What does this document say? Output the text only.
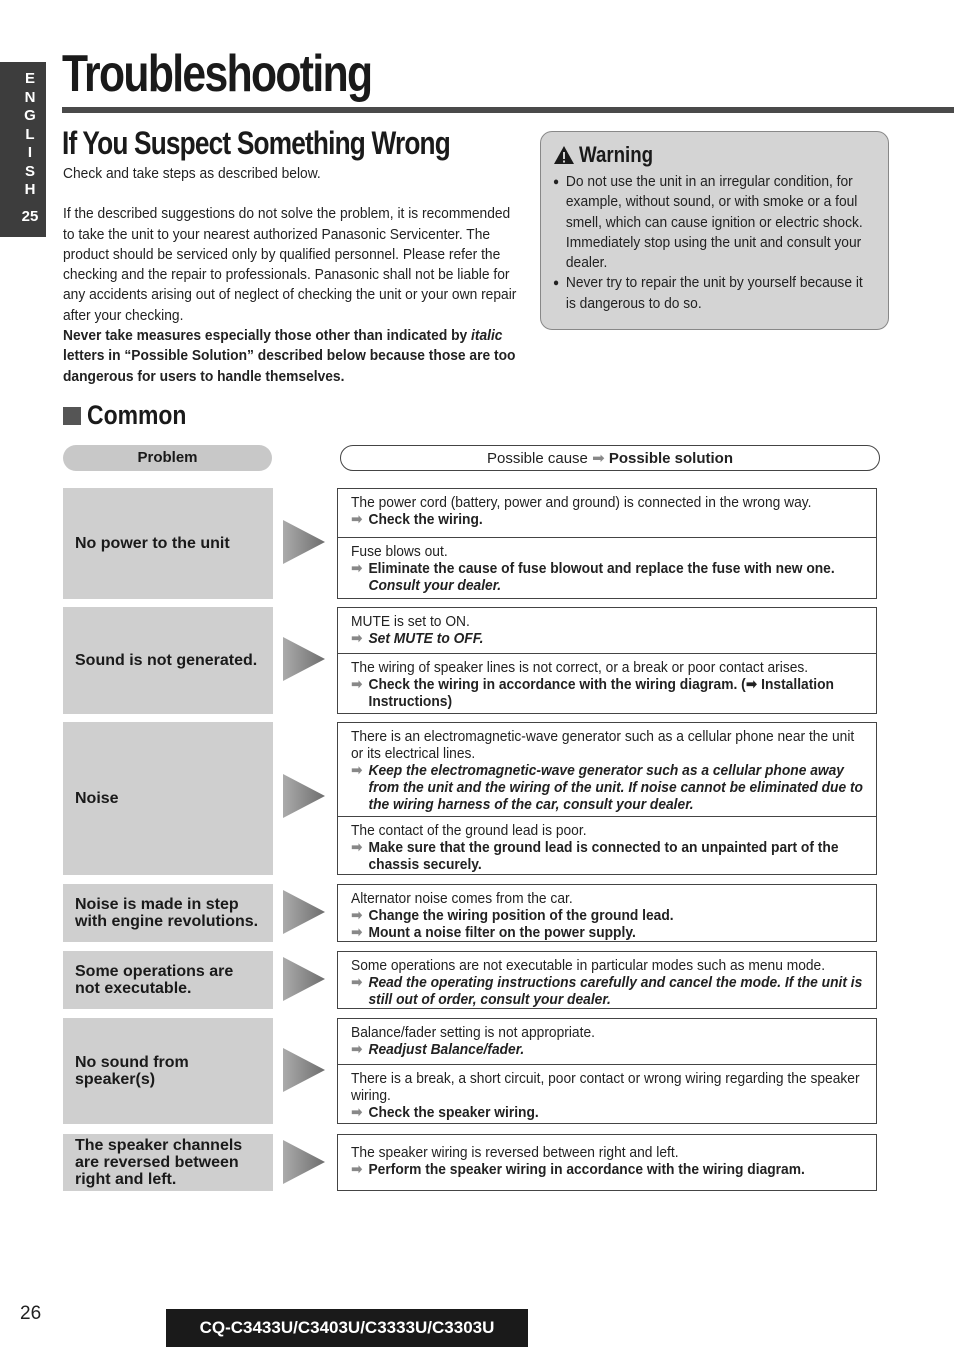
E
N
G
L
I
S
H
25
Troubleshooting
If You Suspect Something Wrong

Check and take steps as described below.

If the described suggestions do not solve the problem, it is recommended to take the unit to your nearest authorized Panasonic Servicenter. The product should be serviced only by qualified personnel. Please refer the checking and the repair to professionals. Panasonic shall not be liable for any accidents arising out of neglect of checking the unit or your own repair after your checking.

Never take measures especially those other than indicated by italic letters in “Possible Solution” described below because those are too dangerous for users to handle themselves.

Warning
● Do not use the unit in an irregular condition, for example, without sound, or with smoke or a foul smell, which can cause ignition or electric shock. Immediately stop using the unit and consult your dealer.
● Never try to repair the unit by yourself because it is dangerous to do so.
Common
Problem	Possible cause ➡ Possible solution
No power to the unit
The power cord (battery, power and ground) is connected in the wrong way.
➡ Check the wiring.
Fuse blows out.
➡ Eliminate the cause of fuse blowout and replace the fuse with new one. Consult your dealer.
Sound is not generated.
MUTE is set to ON.
➡ Set MUTE to OFF.
The wiring of speaker lines is not correct, or a break or poor contact arises.
➡ Check the wiring in accordance with the wiring diagram. (➡ Installation Instructions)
Noise
There is an electromagnetic-wave generator such as a cellular phone near the unit or its electrical lines.
➡ Keep the electromagnetic-wave generator such as a cellular phone away from the unit and the wiring of the unit. If noise cannot be eliminated due to the wiring harness of the car, consult your dealer.
The contact of the ground lead is poor.
➡ Make sure that the ground lead is connected to an unpainted part of the chassis securely.
Noise is made in step with engine revolutions.
Alternator noise comes from the car.
➡ Change the wiring position of the ground lead.
➡ Mount a noise filter on the power supply.
Some operations are not executable.
Some operations are not executable in particular modes such as menu mode.
➡ Read the operating instructions carefully and cancel the mode. If the unit is still out of order, consult your dealer.
No sound from speaker(s)
Balance/fader setting is not appropriate.
➡ Readjust Balance/fader.
There is a break, a short circuit, poor contact or wrong wiring regarding the speaker wiring.
➡ Check the speaker wiring.
The speaker channels are reversed between right and left.
The speaker wiring is reversed between right and left.
➡ Perform the speaker wiring in accordance with the wiring diagram.
26
CQ-C3433U/C3403U/C3333U/C3303U
